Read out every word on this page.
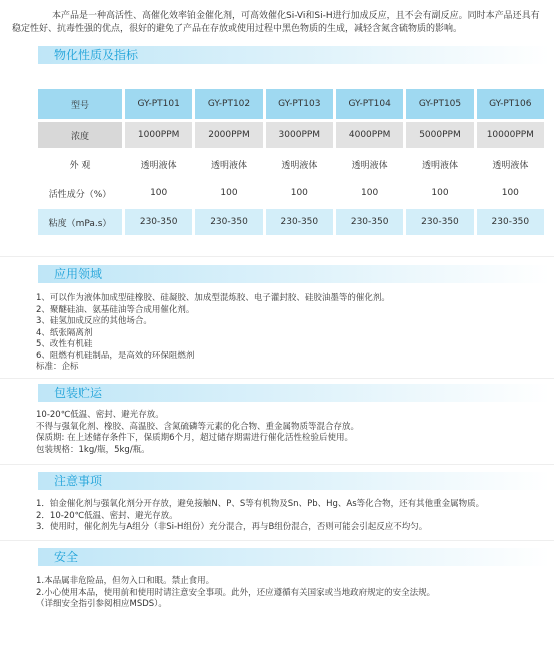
本产品是一种高活性、高催化效率铂金催化剂，可高效催化Si-Vi和Si-H进行加成反应，且不会有副反应。同时本产品还具有稳定性好、抗毒性强的优点，很好的避免了产品在存放或使用过程中黑色物质的生成，减轻含氮含硫物质的影响。
物化性质及指标
型号	GY-PT101	GY-PT102	GY-PT103	GY-PT104	GY-PT105	GY-PT106
浓度	1000PPM	2000PPM	3000PPM	4000PPM	5000PPM	10000PPM
外 观	透明液体	透明液体	透明液体	透明液体	透明液体	透明液体
活性成分（%）	100	100	100	100	100	100
粘度（mPa.s）	230-350	230-350	230-350	230-350	230-350	230-350
应用领域
1、可以作为液体加成型硅橡胶、硅凝胶、加成型混炼胶、电子灌封胶、硅胶油墨等的催化剂。
2、聚醚硅油、氨基硅油等合成用催化剂。
3、硅氢加成反应的其他场合。
4、纸张隔离剂
5、改性有机硅
6、阻燃有机硅制品，是高效的环保阻燃剂
标准：企标
包装贮运
10-20℃低温、密封、避光存放。
不得与强氧化剂、橡胶、高温胶、含氮硫磷等元素的化合物、重金属物质等混合存放。
保质期: 在上述储存条件下，保质期6个月，超过储存期需进行催化活性检验后使用。
包装规格：1kg/瓶，5kg/瓶。
注意事项
1．铂金催化剂与强氧化剂分开存放，避免接触N、P、S等有机物及Sn、Pb、Hg、As等化合物，还有其他重金属物质。
2．10-20℃低温、密封、避光存放。
3．使用时，催化剂先与A组分（非Si-H组份）充分混合，再与B组份混合，否则可能会引起反应不均匀。
安全
1.本品属非危险品，但勿入口和眼。禁止食用。
2.小心使用本品，使用前和使用时请注意安全事项。此外，还应遵循有关国家或当地政府规定的安全法规。
（详细安全指引参阅相应MSDS）。
